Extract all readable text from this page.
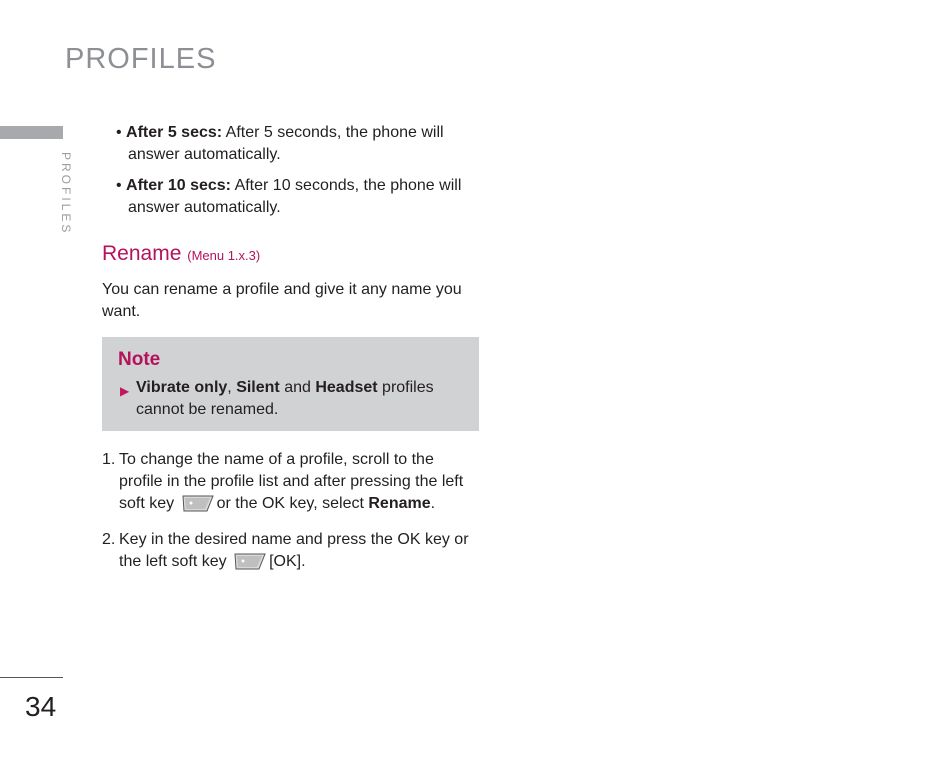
PROFILES
PROFILES

• After 5 secs: After 5 seconds, the phone will answer automatically.

• After 10 secs: After 10 seconds, the phone will answer automatically.

Rename (Menu 1.x.3)

You can rename a profile and give it any name you want.

Note
▶ Vibrate only, Silent and Headset profiles cannot be renamed.
1. To change the name of a profile, scroll to the profile in the profile list and after pressing the left soft key	or the OK key, select Rename.
2. Key in the desired name and press the OK key or the left soft key	[OK].
34
